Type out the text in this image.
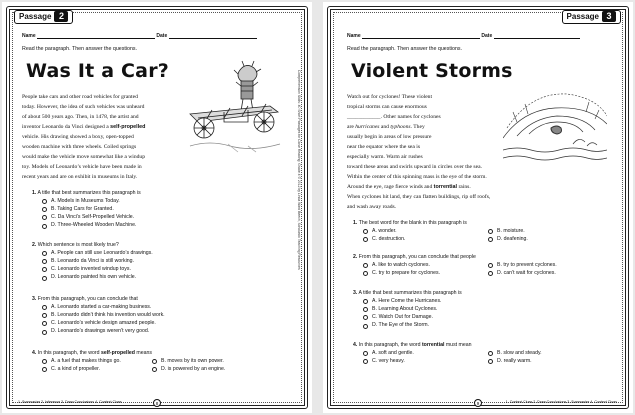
Passage 2
Name	Date
Read the paragraph. Then answer the questions.
Was It a Car?
People take cars and other road vehicles for granted
today. However, the idea of such vehicles was unheard
of about 500 years ago. Then, in 1478, the artist and
inventor Leonardo da Vinci designed a self-propelled
vehicle. His drawing showed a boxy, open-topped
wooden machine with three wheels. Coiled springs
would make the vehicle move somewhat like a windup
toy. Models of Leonardo’s vehicle have been made in
recent years and are on exhibit in museums in Italy.
1. A title that best summarizes this paragraph is
A. Models in Museums Today.
B. Taking Cars for Granted.
C. Da Vinci’s Self-Propelled Vehicle.
D. Three-Wheeled Wooden Machine.
2. Which sentence is most likely true?
A. People can still use Leonardo’s drawings.
B. Leonardo da Vinci is still working.
C. Leonardo invented windup toys.
D. Leonardo painted his own vehicle.
3. From this paragraph, you can conclude that
A. Leonardo started a car-making business.
B. Leonardo didn’t think his invention would work.
C. Leonardo’s vehicle design amazed people.
D. Leonardo’s drawings weren’t very good.
4. In this paragraph, the word self-propelled means
A. a fuel that makes things go.	B. moves by its own power.
C. a kind of propeller.	D. is powered by an engine.
1. Summarize 2. Inference 3. Draw Conclusions 4. Context Clues	8
Comprehension Skills: 40 Short Passages for Close Reading: Grade 4 © 2012 by Linda Ward Beech, Scholastic Teaching Resources
Passage 3
Name	Date
Read the paragraph. Then answer the questions.
Violent Storms
Watch out for cyclones! These violent
tropical storms can cause enormous
____________. Other names for cyclones
are hurricanes and typhoons. They
usually begin in areas of low pressure
near the equator where the sea is
especially warm. Warm air rushes
toward these areas and swirls upward in circles over the sea.
Within the center of this spinning mass is the eye of the storm.
Around the eye, rage fierce winds and torrential rains.
When cyclones hit land, they can flatten buildings, rip off roofs,
and wash away roads.
1. The best word for the blank in this paragraph is
A. wonder.	B. moisture.
C. destruction.	D. deafening.
2. From this paragraph, you can conclude that people
A. like to watch cyclones.	B. try to prevent cyclones.
C. try to prepare for cyclones.	D. can’t wait for cyclones.
3. A title that best summarizes this paragraph is
A. Here Come the Hurricanes.
B. Learning About Cyclones.
C. Watch Out for Damage.
D. The Eye of the Storm.
4. In this paragraph, the word torrential must mean
A. soft and gentle.	B. slow and steady.
C. very heavy.	D. really warm.
1. Context Clues 2. Draw Conclusions 3. Summarize 4. Context Clues
9
